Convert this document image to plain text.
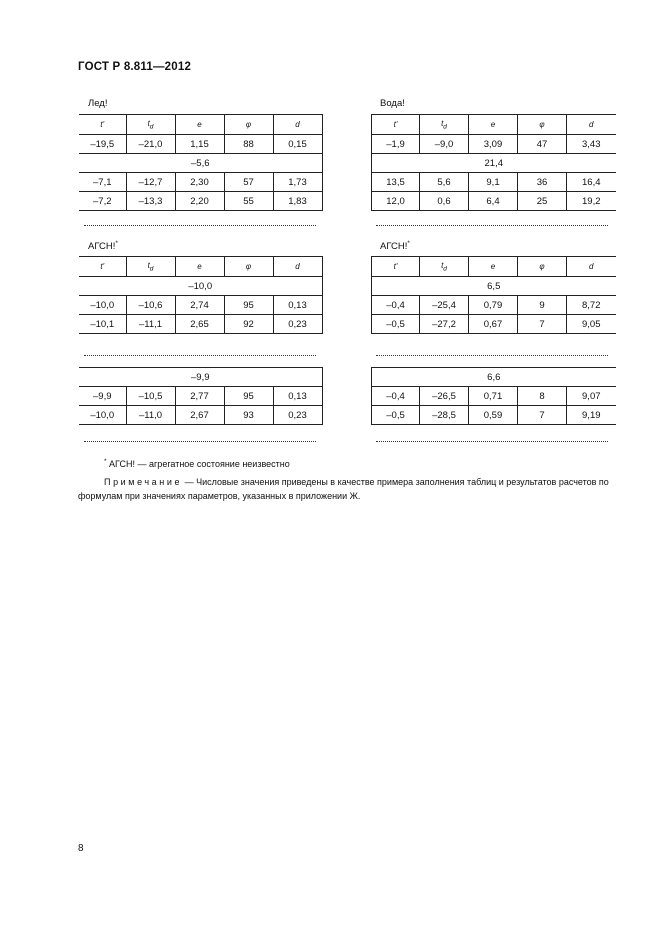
ГОСТ Р 8.811—2012
Лед!	Вода!
АГСН!*	АГСН!*
t'	$t_d$	e	φ	d
–19,5	–21,0	1,15	88	0,15
–5,6				
–7,1	–12,7	2,30	57	1,73
–7,2	–13,3	2,20	55	1,83
t'	$t_d$	e	φ	d
–1,9	–9,0	3,09	47	3,43
21,4				
13,5	5,6	9,1	36	16,4
12,0	0,6	6,4	25	19,2
t'	$t_d$	e	φ	d
–10,0				
–10,0	–10,6	2,74	95	0,13
–10,1	–11,1	2,65	92	0,23
t'	$t_d$	e	φ	d
6,5				
–0,4	–25,4	0,79	9	8,72
–0,5	–27,2	0,67	7	9,05
–9,9				
–9,9	–10,5	2,77	95	0,13
–10,0	–11,0	2,67	93	0,23
6,6				
–0,4	–26,5	0,71	8	9,07
–0,5	–28,5	0,59	7	9,19
* АГСН! — агрегатное состояние неизвестно
Примечание — Числовые значения приведены в качестве примера заполнения таблиц и результатов расчетов по формулам при значениях параметров, указанных в приложении Ж.
8
